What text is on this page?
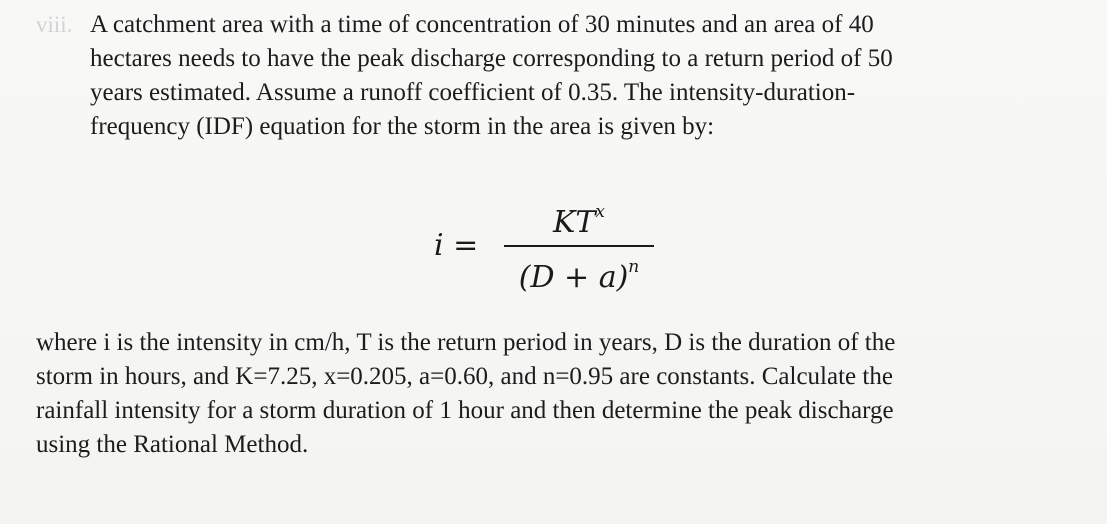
viii. A catchment area with a time of concentration of 30 minutes and an area of 40
hectares needs to have the peak discharge corresponding to a return period of 50
years estimated. Assume a runoff coefficient of 0.35. The intensity-duration-
frequency (IDF) equation for the storm in the area is given by:

i =
$KT^x$
$(D + a)^n$

where i is the intensity in cm/h, T is the return period in years, D is the duration of the
storm in hours, and K=7.25, x=0.205, a=0.60, and n=0.95 are constants. Calculate the
rainfall intensity for a storm duration of 1 hour and then determine the peak discharge
using the Rational Method.
